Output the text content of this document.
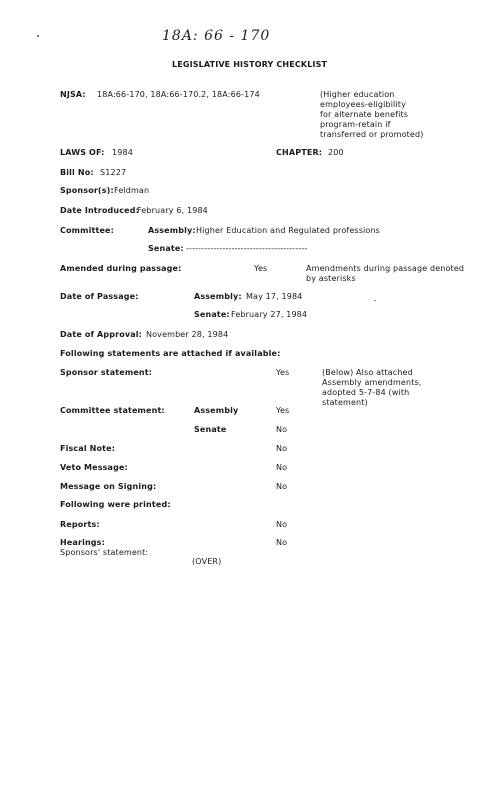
18A: 66 - 170
LEGISLATIVE HISTORY CHECKLIST
NJSA: 18A:66-170, 18A:66-170.2, 18A:66-174	(Higher education
employees-eligibility
for alternate benefits
program-retain if
transferred or promoted)
LAWS OF: 1984	CHAPTER: 200
Bill No: S1227
Sponsor(s): Feldman
Date Introduced:
February 6, 1984
Committee:	Assembly: Higher Education and Regulated professions
Senate: ----------------------------------------
Amended during passage:	Yes	Amendments during passage denoted
by asterisks
Date of Passage:	Assembly: May 17, 1984
Senate: February 27, 1984
Date of Approval: November 28, 1984
Following statements are attached if available:
Sponsor statement:	Yes	(Below) Also attached
Assembly amendments,
adopted 5-7-84 (with
statement)
Committee statement:	Assembly	Yes
Senate	No
Fiscal Note:	No
Veto Message:	No
Message on Signing:	No
Following were printed:
Reports:	No
Hearings:	No
Sponsors' statement:
(OVER)
